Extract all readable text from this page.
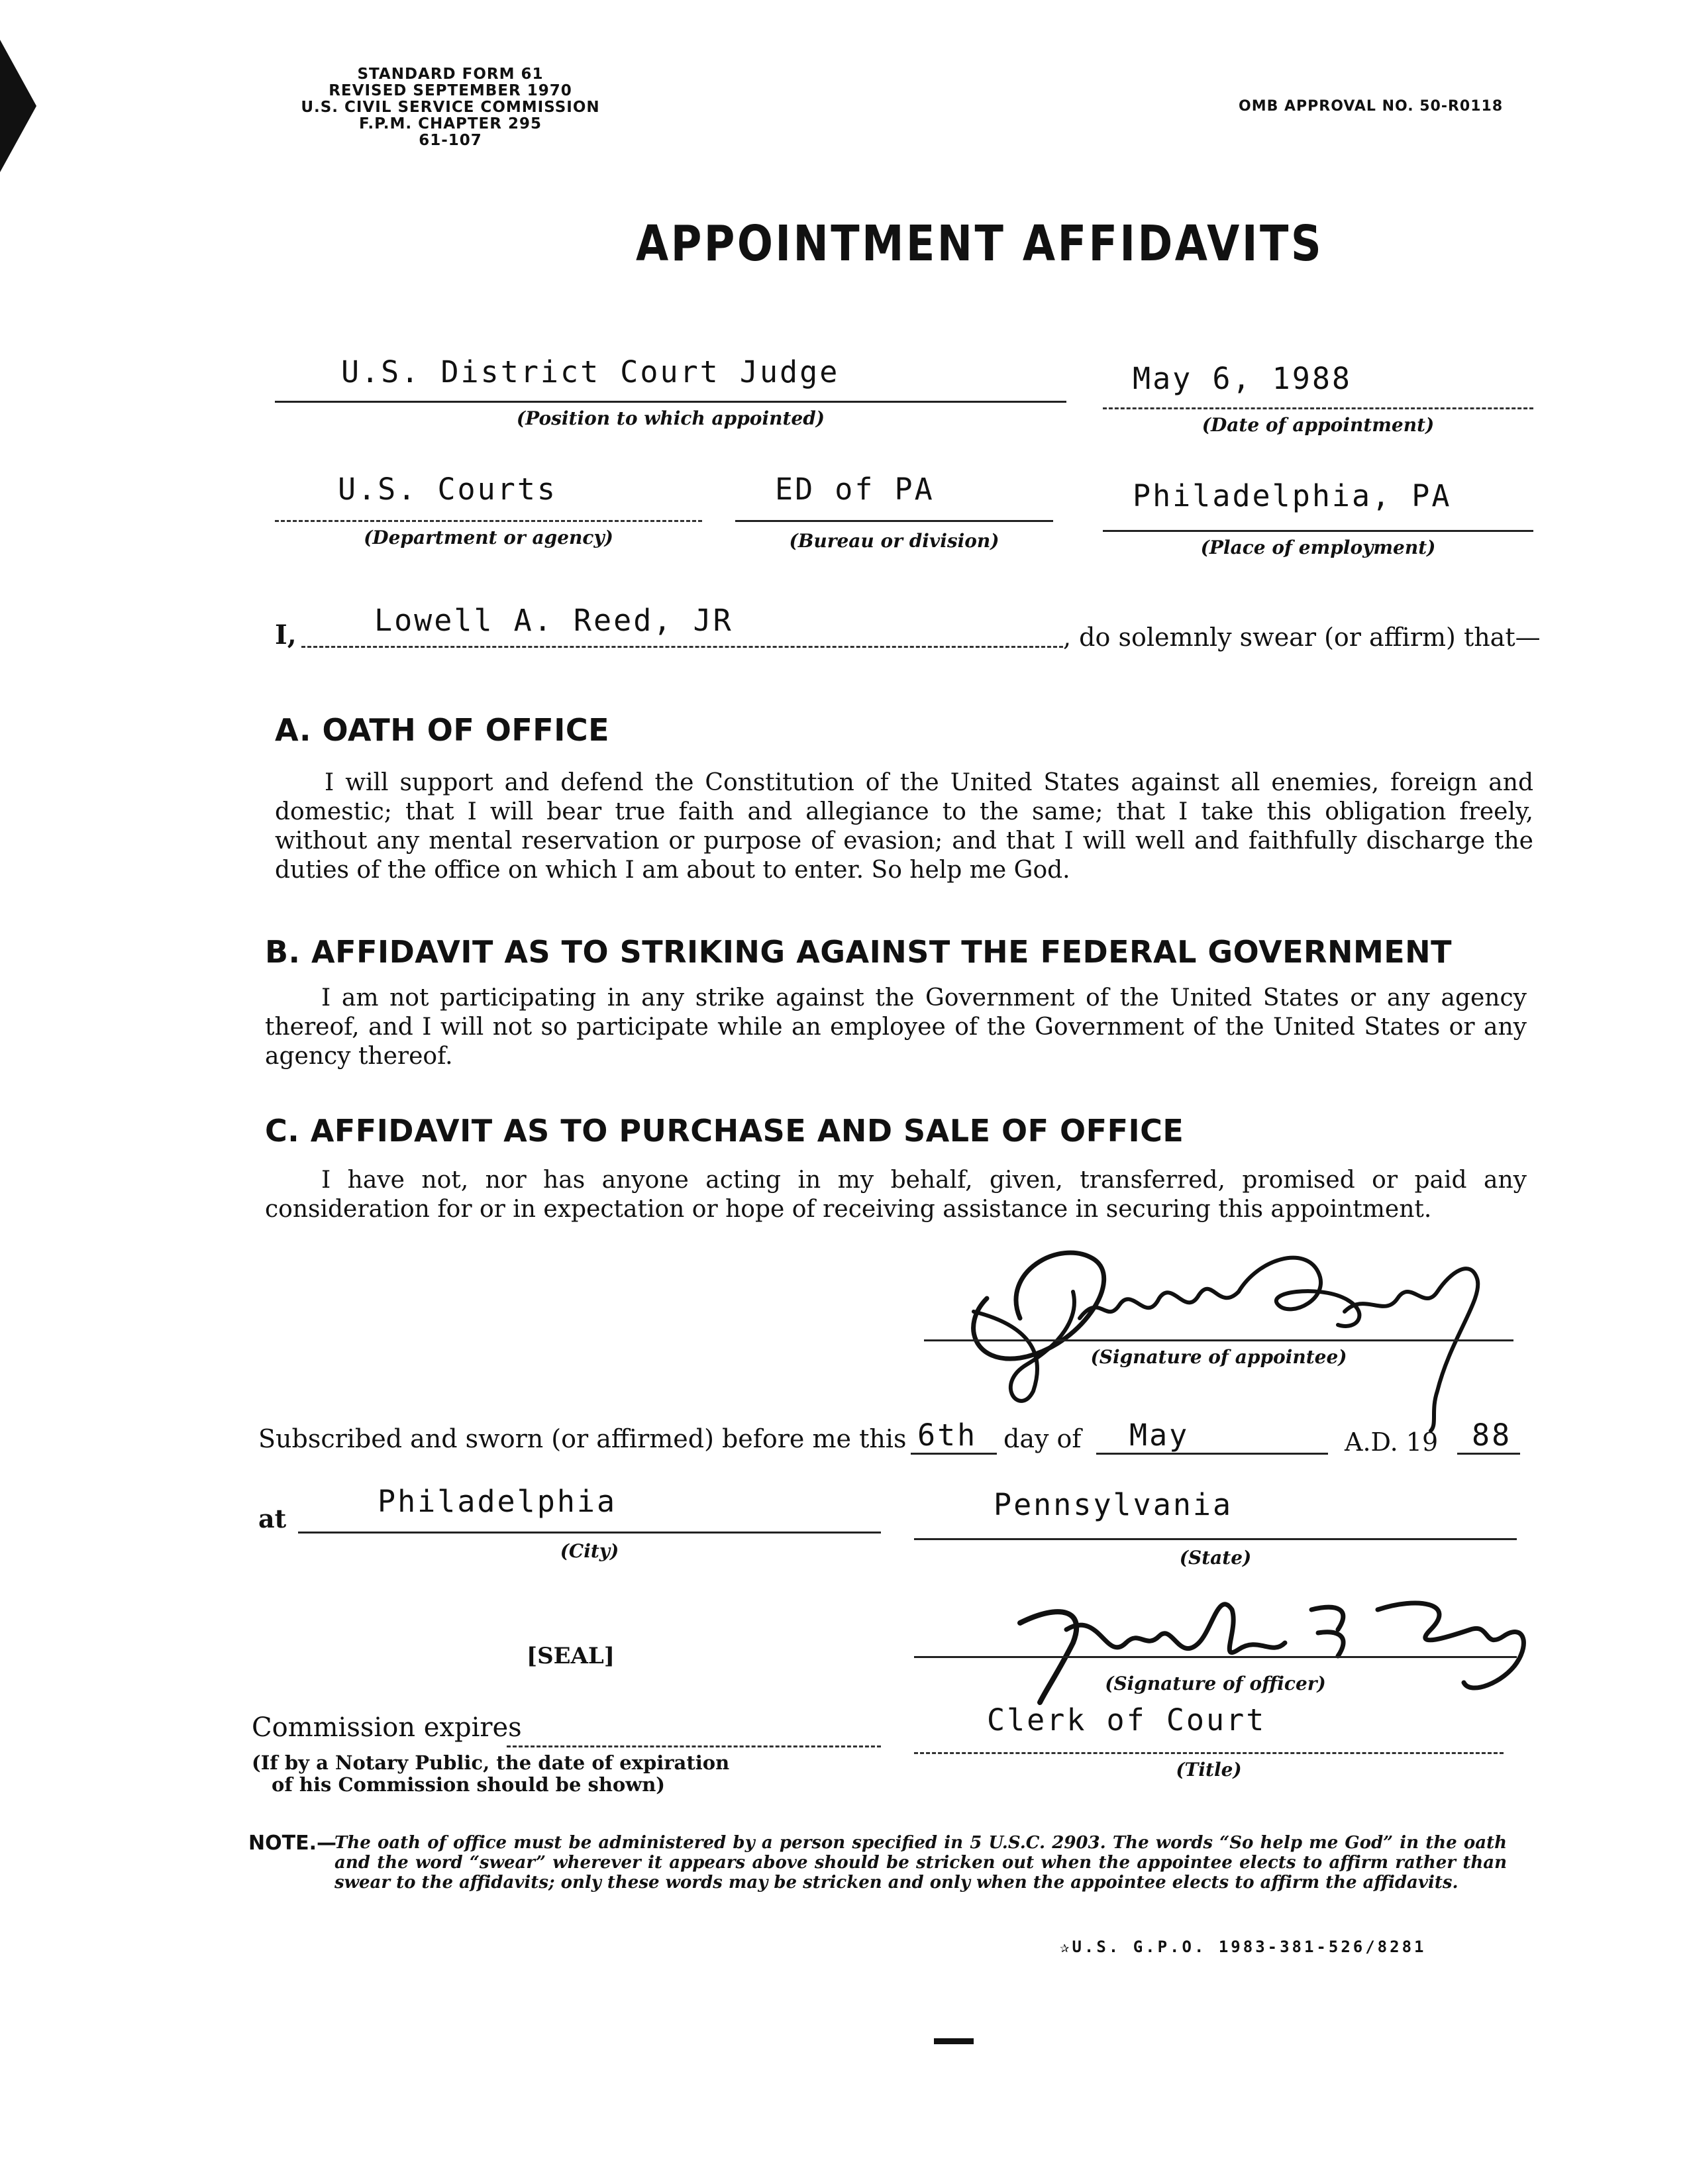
STANDARD FORM 61
REVISED SEPTEMBER 1970
U.S. CIVIL SERVICE COMMISSION
F.P.M. CHAPTER 295
61-107
OMB APPROVAL NO. 50-R0118
APPOINTMENT AFFIDAVITS
U.S. District Court Judge
(Position to which appointed)
May 6, 1988
(Date of appointment)
U.S. Courts
(Department or agency)
ED of PA
(Bureau or division)
Philadelphia, PA
(Place of employment)
I,	Lowell A. Reed, JR	, do solemnly swear (or affirm) that—
A. OATH OF OFFICE
I will support and defend the Constitution of the United States against all enemies, foreign and domestic; that I will bear true faith and allegiance to the same; that I take this obligation freely, without any mental reservation or purpose of evasion; and that I will well and faithfully discharge the duties of the office on which I am about to enter. So help me God.
B. AFFIDAVIT AS TO STRIKING AGAINST THE FEDERAL GOVERNMENT
I am not participating in any strike against the Government of the United States or any agency thereof, and I will not so participate while an employee of the Government of the United States or any agency thereof.
C. AFFIDAVIT AS TO PURCHASE AND SALE OF OFFICE
I have not, nor has anyone acting in my behalf, given, transferred, promised or paid any consideration for or in expectation or hope of receiving assistance in securing this appointment.
(Signature of appointee)
Subscribed and sworn (or affirmed) before me this 6th day of May	A.D. 19 88
at	Philadelphia
(City)
Pennsylvania
(State)
[SEAL]
(Signature of officer)
Commission expires
(If by a Notary Public, the date of expiration
of his Commission should be shown)
Clerk of Court
(Title)
NOTE.—
The oath of office must be administered by a person specified in 5 U.S.C. 2903. The words “So help me God” in the oath and the word “swear” wherever it appears above should be stricken out when the appointee elects to affirm rather than swear to the affidavits; only these words may be stricken and only when the appointee elects to affirm the affidavits.
✰U.S. G.P.O. 1983-381-526/8281
